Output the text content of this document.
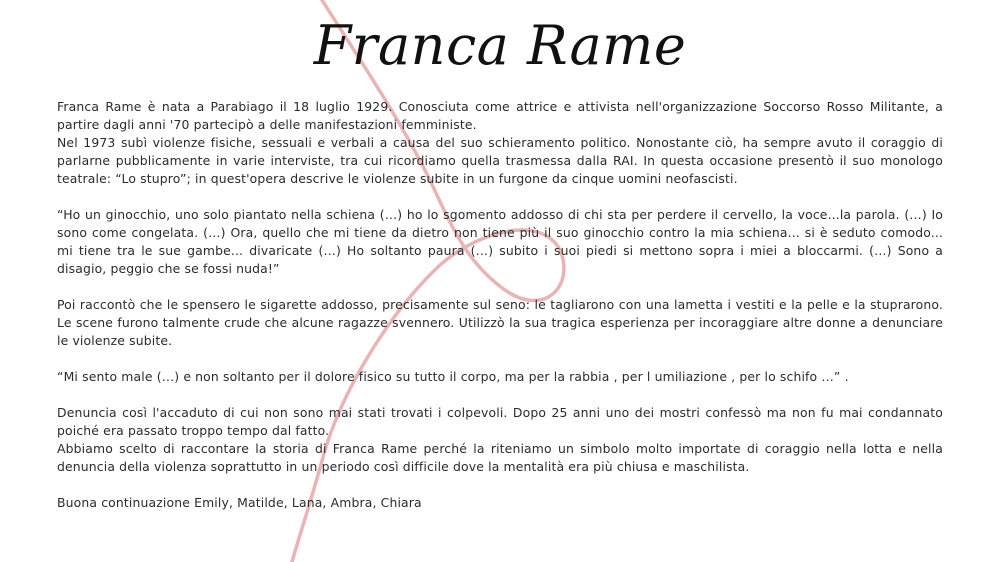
Franca Rame

Franca Rame è nata a Parabiago il 18 luglio 1929. Conosciuta come attrice e attivista nell'organizzazione Soccorso Rosso Militante, a partire dagli anni '70 partecipò a delle manifestazioni femministe.

Nel 1973 subì violenze fisiche, sessuali e verbali a causa del suo schieramento politico. Nonostante ciò, ha sempre avuto il coraggio di parlarne pubblicamente in varie interviste, tra cui ricordiamo quella trasmessa dalla RAI. In questa occasione presentò il suo monologo teatrale: “Lo stupro”; in quest'opera descrive le violenze subite in un furgone da cinque uomini neofascisti.

“Ho un ginocchio, uno solo piantato nella schiena (…) ho lo sgomento addosso di chi sta per perdere il cervello, la voce...la parola. (…) Io sono come congelata. (…) Ora, quello che mi tiene da dietro non tiene più il suo ginocchio contro la mia schiena... si è seduto comodo... mi tiene tra le sue gambe... divaricate (…) Ho soltanto paura (…) subito i suoi piedi si mettono sopra i miei a bloccarmi. (…) Sono a disagio, peggio che se fossi nuda!”

Poi raccontò che le spensero le sigarette addosso, precisamente sul seno: le tagliarono con una lametta i vestiti e la pelle e la stuprarono. Le scene furono talmente crude che alcune ragazze svennero. Utilizzò la sua tragica esperienza per incoraggiare altre donne a denunciare le violenze subite.

“Mi sento male (…) e non soltanto per il dolore fisico su tutto il corpo, ma per la rabbia , per l umiliazione , per lo schifo …” .

Denuncia così l'accaduto di cui non sono mai stati trovati i colpevoli. Dopo 25 anni uno dei mostri confessò ma non fu mai condannato poiché era passato troppo tempo dal fatto.

Abbiamo scelto di raccontare la storia di Franca Rame perché la riteniamo un simbolo molto importate di coraggio nella lotta e nella denuncia della violenza soprattutto in un periodo così difficile dove la mentalità era più chiusa e maschilista.

Buona continuazione Emily, Matilde, Lana, Ambra, Chiara
